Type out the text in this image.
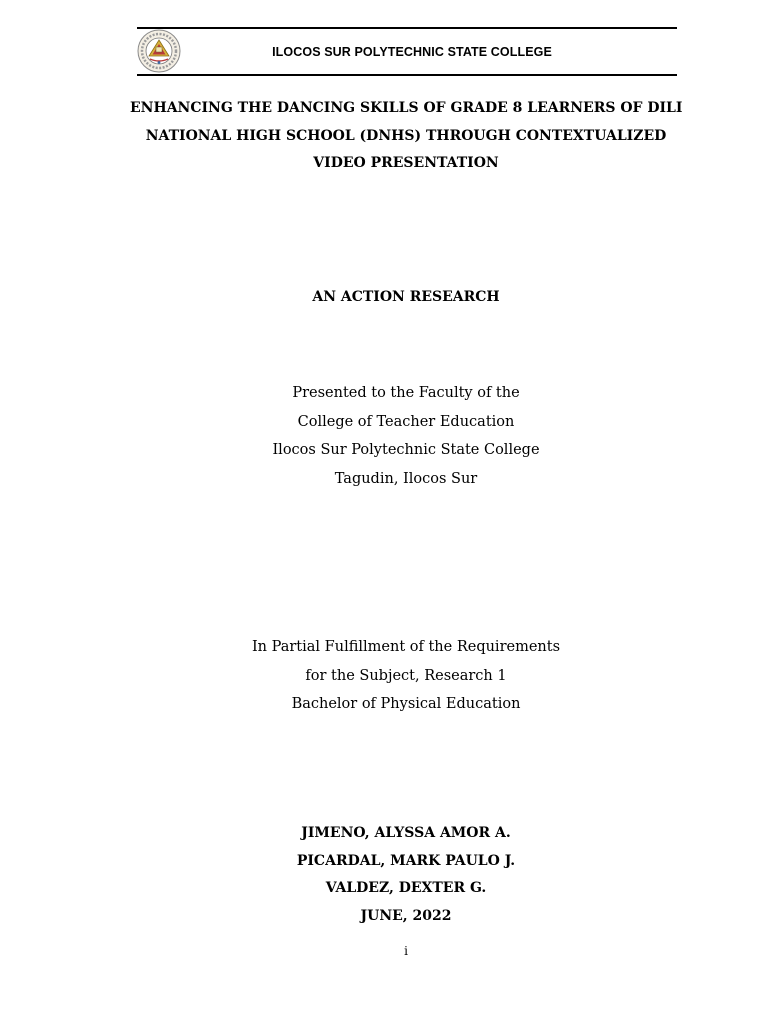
ILOCOS SUR POLYTECHNIC STATE COLLEGE
ENHANCING THE DANCING SKILLS OF GRADE 8 LEARNERS OF DILI
NATIONAL HIGH SCHOOL (DNHS) THROUGH CONTEXTUALIZED
VIDEO PRESENTATION
AN ACTION RESEARCH
Presented to the Faculty of the
College of Teacher Education
Ilocos Sur Polytechnic State College
Tagudin, Ilocos Sur
In Partial Fulfillment of the Requirements
for the Subject, Research 1
Bachelor of Physical Education
JIMENO, ALYSSA AMOR A.
PICARDAL, MARK PAULO J.
VALDEZ, DEXTER G.
JUNE, 2022
i
